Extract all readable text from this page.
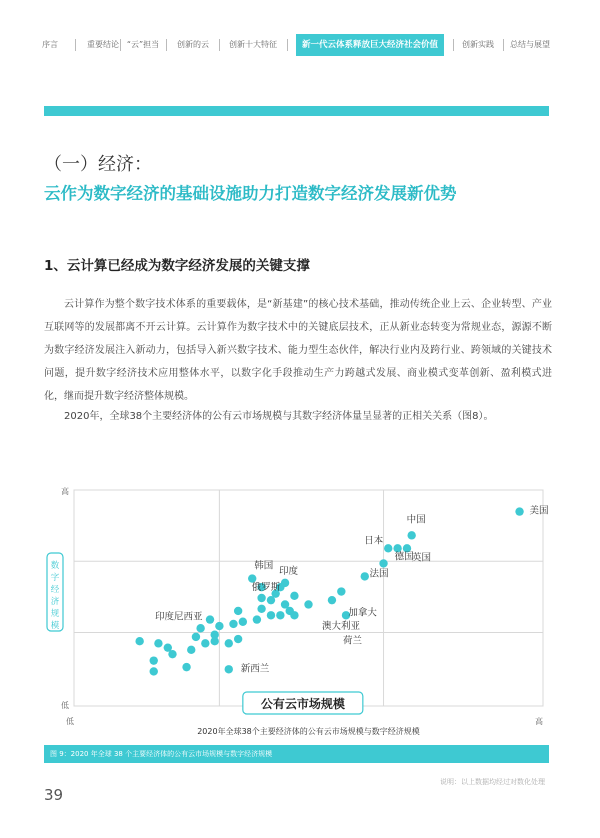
序言	重要结论 “云”担当 创新的云	创新十大特征	新一代云体系释放巨大经济社会价值	创新实践 总结与展望
（一）经济：
云作为数字经济的基础设施助力打造数字经济发展新优势
1、云计算已经成为数字经济发展的关键支撑
云计算作为整个数字技术体系的重要载体，是“新基建”的核心技术基础，推动传统企业上云、企业转型、产业互联网等的发展都离不开云计算。云计算作为数字技术中的关键底层技术，正从新业态转变为常规业态，源源不断为数字经济发展注入新动力，包括导入新兴数字技术、能力型生态伙伴，解决行业内及跨行业、跨领域的关键技术问题，提升数字经济技术应用整体水平，以数字化手段推动生产力跨越式发展、商业模式变革创新、盈利模式进化，继而提升数字经济整体规模。
2020年，全球38个主要经济体的公有云市场规模与其数字经济体量呈显著的正相关关系（图8）。
高
低
低	高
数
字
经
济
规
模
美国
中国
日本
德国
英国
法国
加拿大
澳大利亚
荷兰
韩国 印度
俄罗斯
印度尼西亚
新西兰
公有云市场规模
2020年全球38个主要经济体的公有云市场规模与数字经济规模
图 9：2020 年全球 38 个主要经济体的公有云市场规模与数字经济规模
说明：以上数据均经过对数化处理
39
